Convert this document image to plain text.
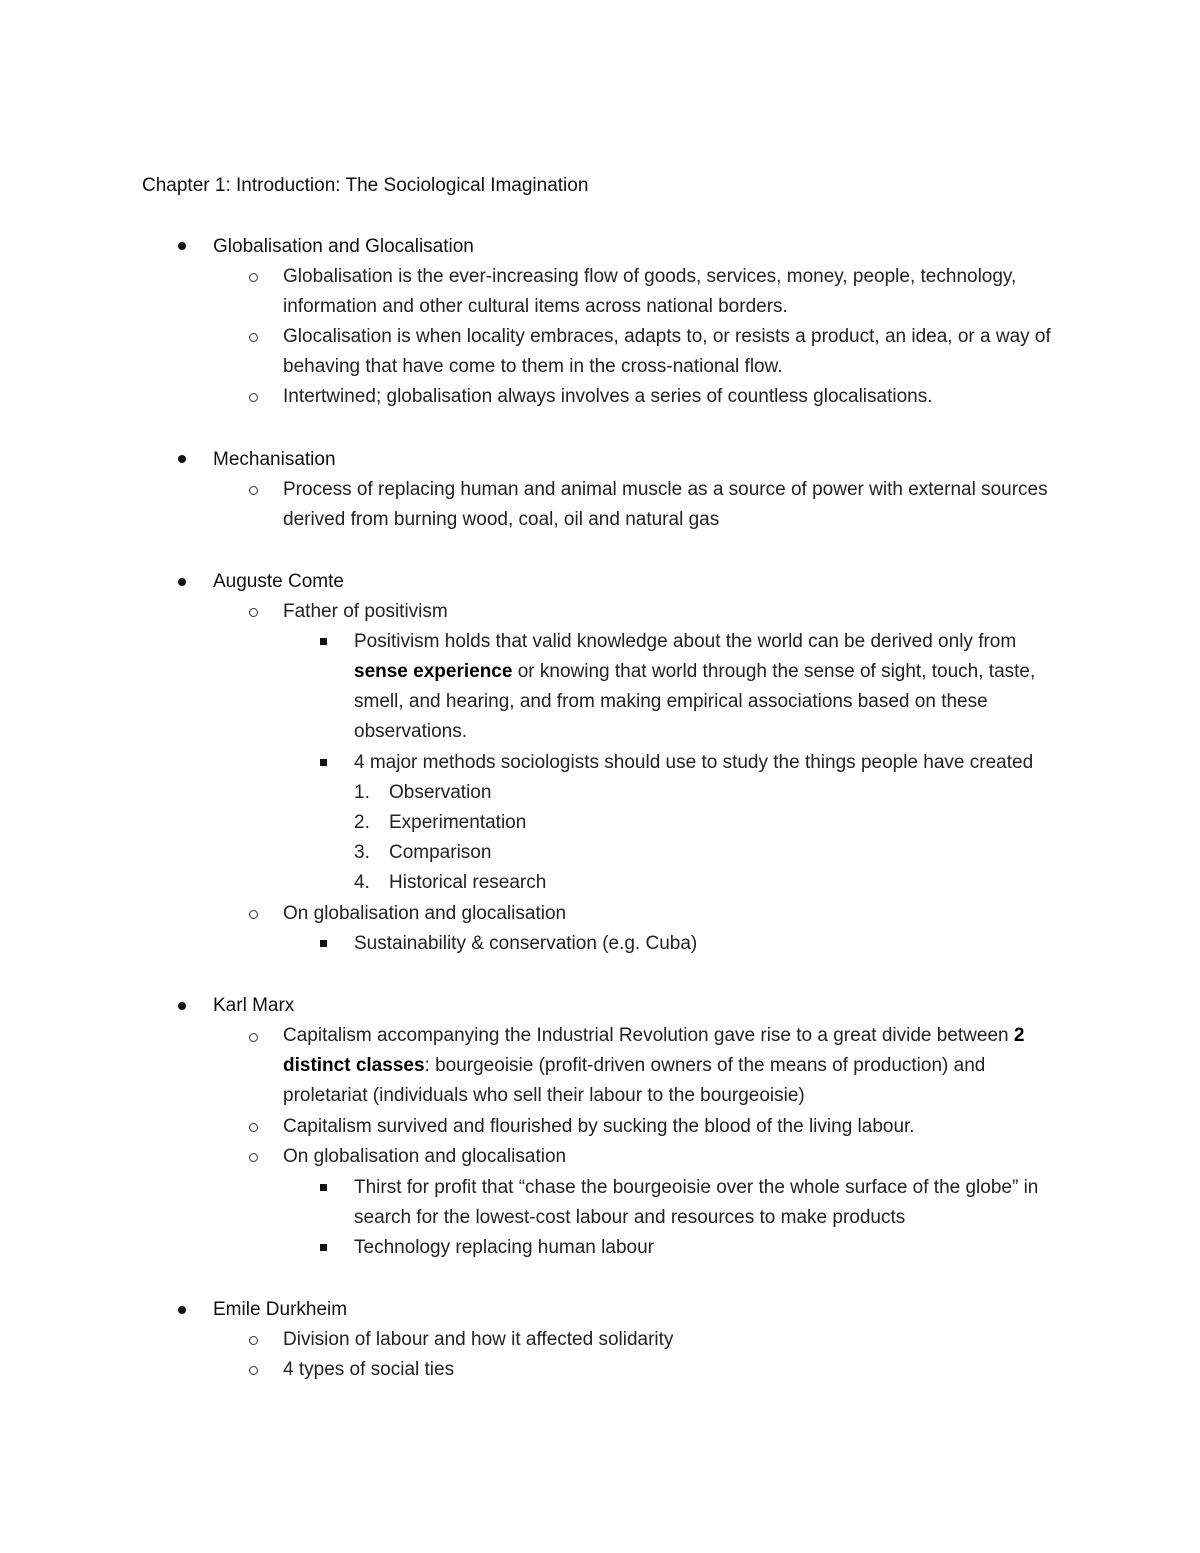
Chapter 1: Introduction: The Sociological Imagination
Globalisation and Glocalisation
Globalisation is the ever-increasing flow of goods, services, money, people, technology, information and other cultural items across national borders.
Glocalisation is when locality embraces, adapts to, or resists a product, an idea, or a way of behaving that have come to them in the cross-national flow.
Intertwined; globalisation always involves a series of countless glocalisations.
Mechanisation
Process of replacing human and animal muscle as a source of power with external sources derived from burning wood, coal, oil and natural gas
Auguste Comte
Father of positivism
Positivism holds that valid knowledge about the world can be derived only from sense experience or knowing that world through the sense of sight, touch, taste, smell, and hearing, and from making empirical associations based on these observations.
4 major methods sociologists should use to study the things people have created
1. Observation
2. Experimentation
3. Comparison
4. Historical research
On globalisation and glocalisation
Sustainability & conservation (e.g. Cuba)
Karl Marx
Capitalism accompanying the Industrial Revolution gave rise to a great divide between 2 distinct classes: bourgeoisie (profit-driven owners of the means of production) and proletariat (individuals who sell their labour to the bourgeoisie)
Capitalism survived and flourished by sucking the blood of the living labour.
On globalisation and glocalisation
Thirst for profit that “chase the bourgeoisie over the whole surface of the globe” in search for the lowest-cost labour and resources to make products
Technology replacing human labour
Emile Durkheim
Division of labour and how it affected solidarity
4 types of social ties
